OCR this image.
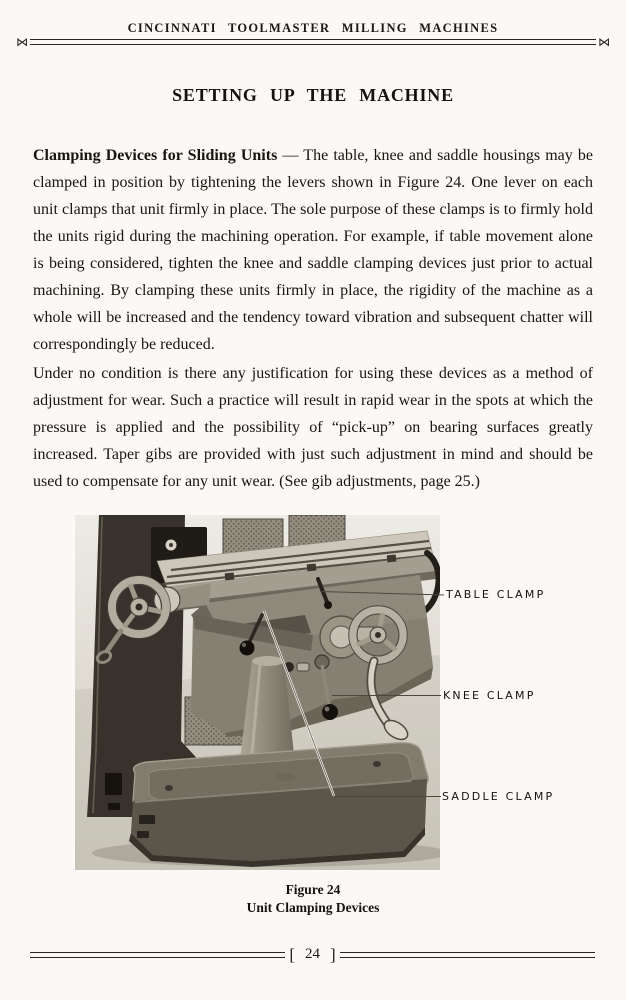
CINCINNATI TOOLMASTER MILLING MACHINES
⋈	⋈
SETTING UP THE MACHINE

Clamping Devices for Sliding Units — The table, knee and saddle housings may be clamped in position by tightening the levers shown in Figure 24. One lever on each unit clamps that unit firmly in place. The sole purpose of these clamps is to firmly hold the units rigid during the machining operation. For example, if table movement alone is being considered, tighten the knee and saddle clamping devices just prior to actual machining. By clamping these units firmly in place, the rigidity of the machine as a whole will be increased and the tendency toward vibration and subsequent chatter will correspondingly be reduced.

Under no condition is there any justification for using these devices as a method of adjustment for wear. Such a practice will result in rapid wear in the spots at which the pressure is applied and the possibility of “pick-up” on bearing surfaces greatly increased. Taper gibs are provided with just such adjustment in mind and should be used to compensate for any unit wear. (See gib adjustments, page 25.)

TABLE CLAMP
KNEE CLAMP
SADDLE CLAMP
Figure 24
Unit Clamping Devices
[ 24 ]
